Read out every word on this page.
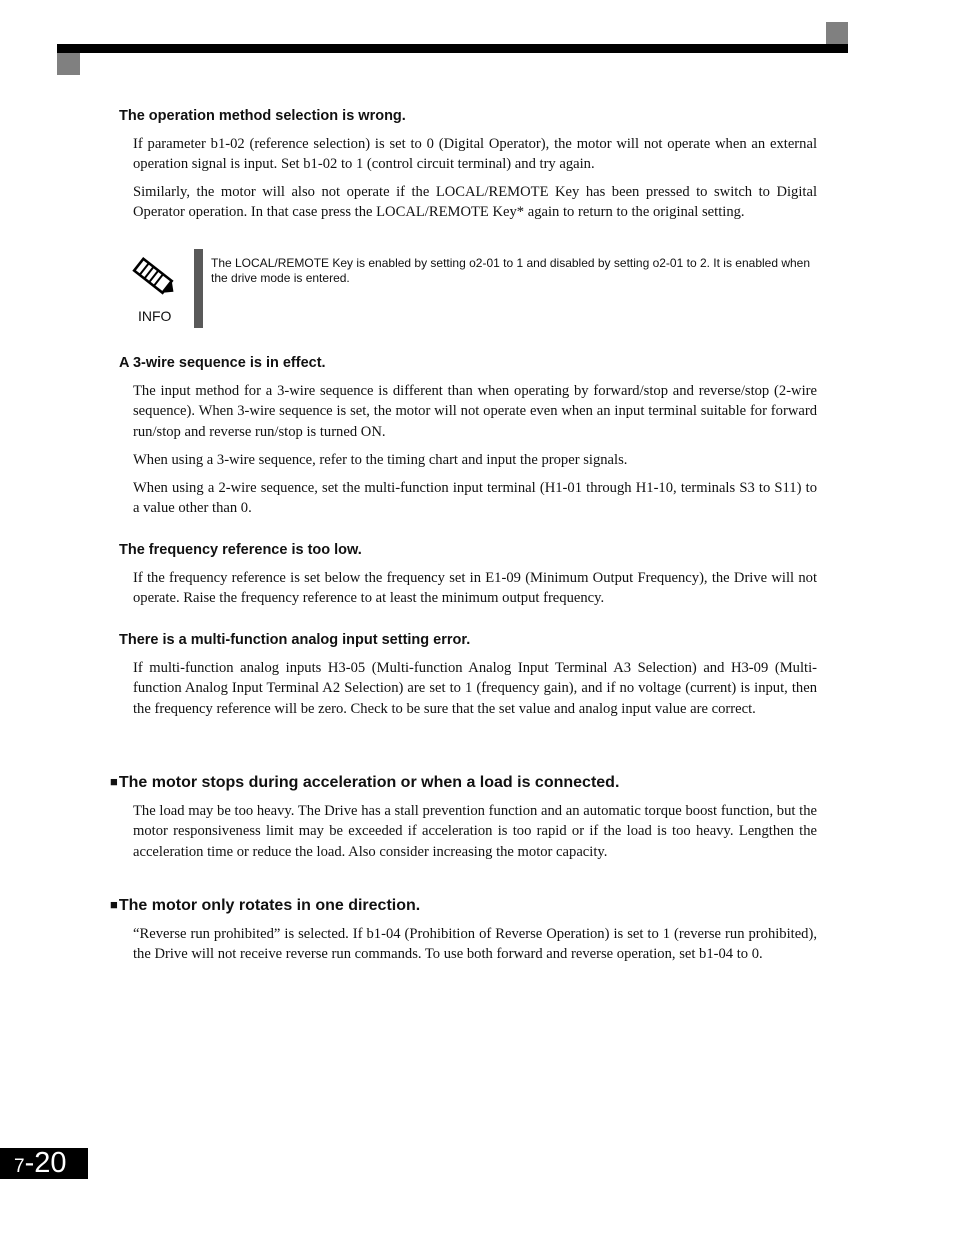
The operation method selection is wrong.

If parameter b1-02 (reference selection) is set to 0 (Digital Operator), the motor will not operate when an external operation signal is input. Set b1-02 to 1 (control circuit terminal) and try again.

Similarly, the motor will also not operate if the LOCAL/REMOTE Key has been pressed to switch to Digital Operator operation. In that case press the LOCAL/REMOTE Key* again to return to the original setting.

INFO

The LOCAL/REMOTE Key is enabled by setting o2-01 to 1 and disabled by setting o2-01 to 2. It is enabled when the drive mode is entered.

A 3-wire sequence is in effect.

The input method for a 3-wire sequence is different than when operating by forward/stop and reverse/stop (2-wire sequence). When 3-wire sequence is set, the motor will not operate even when an input terminal suitable for forward run/stop and reverse run/stop is turned ON.

When using a 3-wire sequence, refer to the timing chart and input the proper signals.

When using a 2-wire sequence, set the multi-function input terminal (H1-01 through H1-10, terminals S3 to S11) to a value other than 0.

The frequency reference is too low.

If the frequency reference is set below the frequency set in E1-09 (Minimum Output Frequency), the Drive will not operate. Raise the frequency reference to at least the minimum output frequency.

There is a multi-function analog input setting error.

If multi-function analog inputs H3-05 (Multi-function Analog Input Terminal A3 Selection) and H3-09 (Multi-function Analog Input Terminal A2 Selection) are set to 1 (frequency gain), and if no voltage (current) is input, then the frequency reference will be zero. Check to be sure that the set value and analog input value are correct.

■The motor stops during acceleration or when a load is connected.

The load may be too heavy. The Drive has a stall prevention function and an automatic torque boost function, but the motor responsiveness limit may be exceeded if acceleration is too rapid or if the load is too heavy. Lengthen the acceleration time or reduce the load. Also consider increasing the motor capacity.

■The motor only rotates in one direction.

“Reverse run prohibited” is selected. If b1-04 (Prohibition of Reverse Operation) is set to 1 (reverse run prohibited), the Drive will not receive reverse run commands. To use both forward and reverse operation, set b1-04 to 0.

7-20
